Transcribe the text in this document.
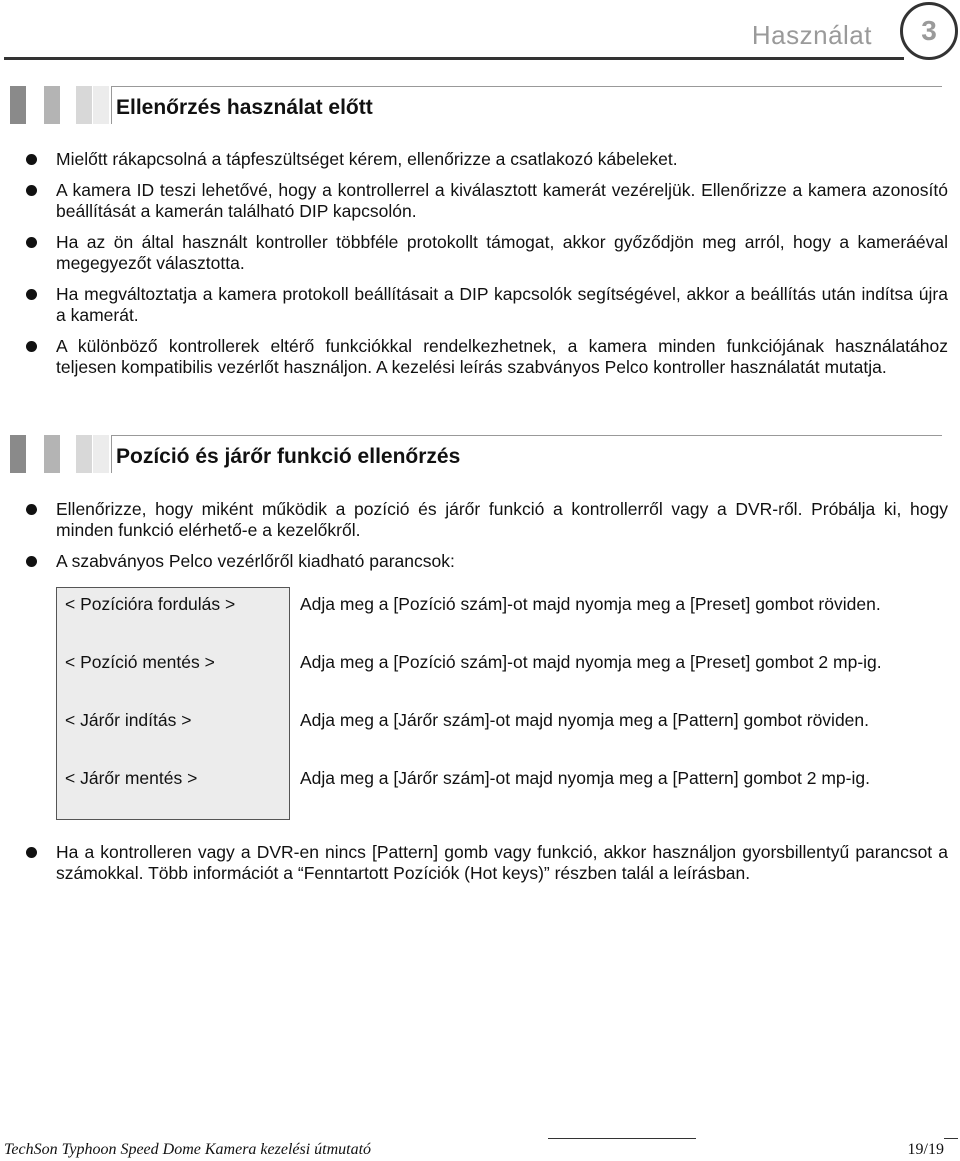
Használat	3
Ellenőrzés használat előtt
Mielőtt rákapcsolná a tápfeszültséget kérem, ellenőrizze a csatlakozó kábeleket.
A kamera ID teszi lehetővé, hogy a kontrollerrel a kiválasztott kamerát vezéreljük. Ellenőrizze a kamera azonosító beállítását a kamerán található DIP kapcsolón.
Ha az ön által használt kontroller többféle protokollt támogat, akkor győződjön meg arról, hogy a kameráéval megegyezőt választotta.
Ha megváltoztatja a kamera protokoll beállításait a DIP kapcsolók segítségével, akkor a beállítás után indítsa újra a kamerát.
A különböző kontrollerek eltérő funkciókkal rendelkezhetnek, a kamera minden funkciójának használatához teljesen kompatibilis vezérlőt használjon. A kezelési leírás szabványos Pelco kontroller használatát mutatja.
Pozíció és járőr funkció ellenőrzés
Ellenőrizze, hogy miként működik a pozíció és járőr funkció a kontrollerről vagy a DVR-ről. Próbálja ki, hogy minden funkció elérhető-e a kezelőkről.
A szabványos Pelco vezérlőről kiadható parancsok:
< Pozícióra fordulás >	Adja meg a [Pozíció szám]-ot majd nyomja meg a [Preset] gombot röviden.
< Pozíció mentés >	Adja meg a [Pozíció szám]-ot majd nyomja meg a [Preset] gombot 2 mp-ig.
< Járőr indítás >	Adja meg a [Járőr szám]-ot majd nyomja meg a [Pattern] gombot röviden.
< Járőr mentés >	Adja meg a [Járőr szám]-ot majd nyomja meg a [Pattern] gombot 2 mp-ig.
Ha a kontrolleren vagy a DVR-en nincs [Pattern] gomb vagy funkció, akkor használjon gyorsbillentyű parancsot a számokkal. Több információt a “Fenntartott Pozíciók (Hot keys)” részben talál a leírásban.
TechSon Typhoon Speed Dome Kamera kezelési útmutató	19/19
